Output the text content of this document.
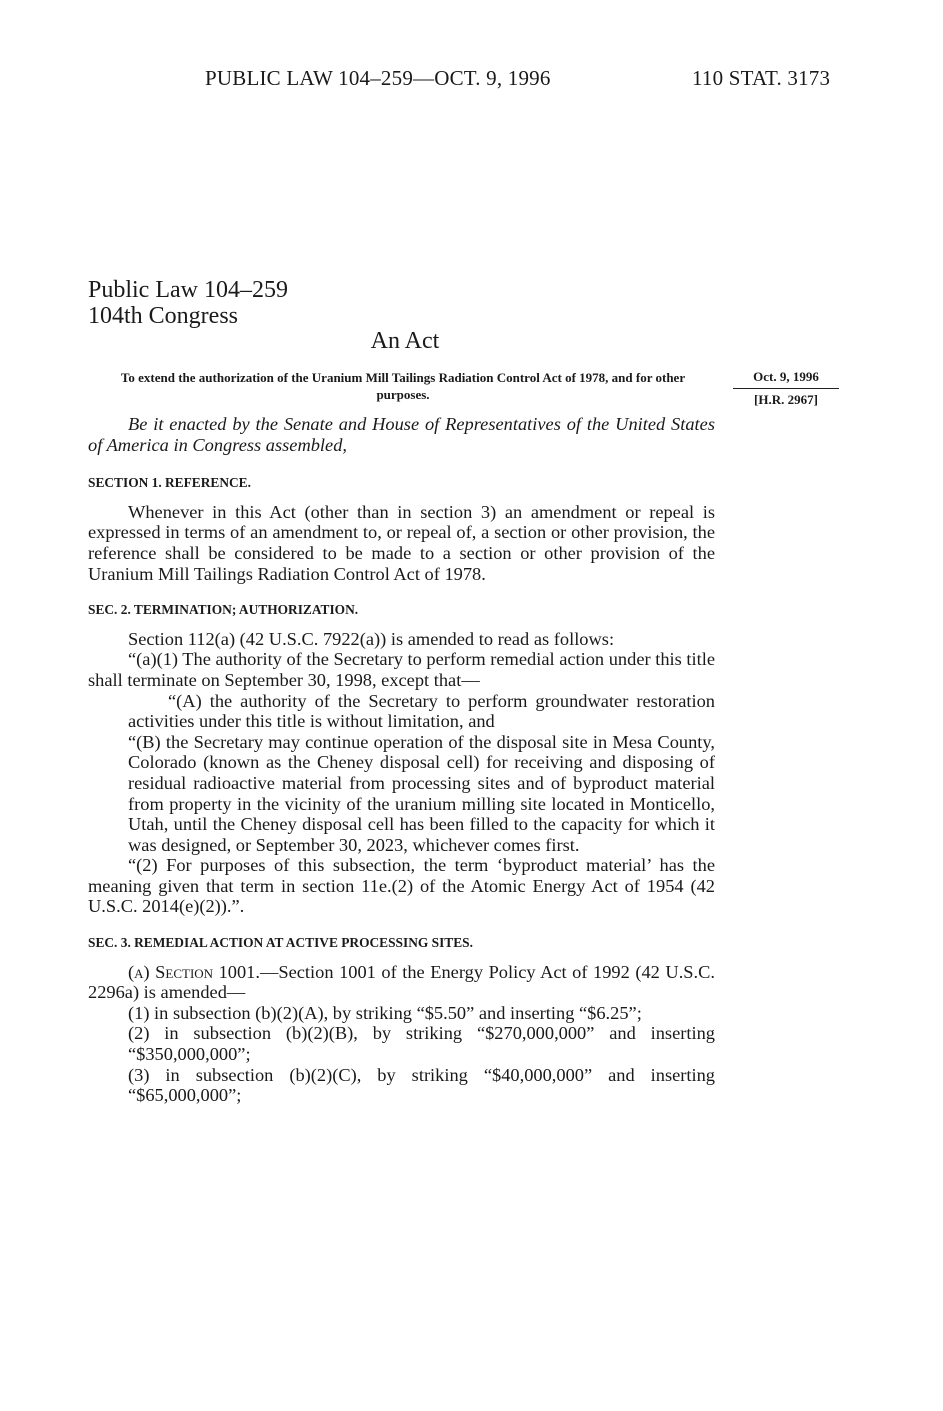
PUBLIC LAW 104–259—OCT. 9, 1996	110 STAT. 3173
Public Law 104–259
104th Congress
An Act
To extend the authorization of the Uranium Mill Tailings Radiation Control Act of 1978, and for other purposes.
Oct. 9, 1996
[H.R. 2967]

Be it enacted by the Senate and House of Representatives of the United States of America in Congress assembled,

SECTION 1. REFERENCE.

Whenever in this Act (other than in section 3) an amendment or repeal is expressed in terms of an amendment to, or repeal of, a section or other provision, the reference shall be considered to be made to a section or other provision of the Uranium Mill Tailings Radiation Control Act of 1978.

SEC. 2. TERMINATION; AUTHORIZATION.

Section 112(a) (42 U.S.C. 7922(a)) is amended to read as follows:

“(a)(1) The authority of the Secretary to perform remedial action under this title shall terminate on September 30, 1998, except that—

“(A) the authority of the Secretary to perform groundwater restoration activities under this title is without limitation, and

“(B) the Secretary may continue operation of the disposal site in Mesa County, Colorado (known as the Cheney disposal cell) for receiving and disposing of residual radioactive material from processing sites and of byproduct material from property in the vicinity of the uranium milling site located in Monticello, Utah, until the Cheney disposal cell has been filled to the capacity for which it was designed, or September 30, 2023, whichever comes first.

“(2) For purposes of this subsection, the term ‘byproduct material’ has the meaning given that term in section 11e.(2) of the Atomic Energy Act of 1954 (42 U.S.C. 2014(e)(2)).”.

SEC. 3. REMEDIAL ACTION AT ACTIVE PROCESSING SITES.

(a) Section 1001.—Section 1001 of the Energy Policy Act of 1992 (42 U.S.C. 2296a) is amended—

(1) in subsection (b)(2)(A), by striking “$5.50” and inserting “$6.25”;

(2) in subsection (b)(2)(B), by striking “$270,000,000” and inserting “$350,000,000”;

(3) in subsection (b)(2)(C), by striking “$40,000,000” and inserting “$65,000,000”;
